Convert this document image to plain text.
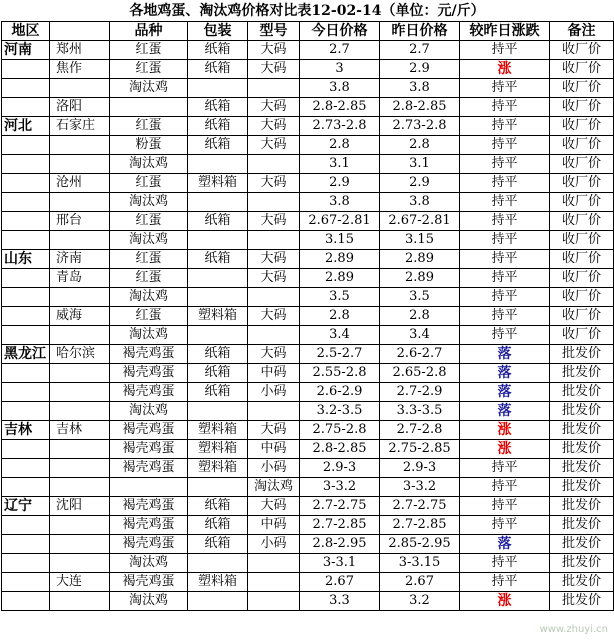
各地鸡蛋、淘汰鸡价格对比表12-02-14（单位：元/斤）
地区		品种	包装	型号	今日价格	昨日价格	较昨日涨跌	备注
河南	郑州	红蛋	纸箱	大码	2.7	2.7	持平	收厂价
	焦作	红蛋	纸箱	大码	3	2.9	涨	收厂价
		淘汰鸡			3.8	3.8	持平	收厂价
	洛阳		纸箱	大码	2.8-2.85	2.8-2.85	持平	收厂价
河北	石家庄	红蛋	纸箱	大码	2.73-2.8	2.73-2.8	持平	收厂价
		粉蛋	纸箱	大码	2.8	2.8	持平	收厂价
		淘汰鸡			3.1	3.1	持平	收厂价
	沧州	红蛋	塑料箱	大码	2.9	2.9	持平	收厂价
		淘汰鸡			3.8	3.8	持平	收厂价
	邢台	红蛋	纸箱	大码	2.67-2.81	2.67-2.81	持平	收厂价
		淘汰鸡			3.15	3.15	持平	收厂价
山东	济南	红蛋	纸箱	大码	2.89	2.89	持平	收厂价
	青岛	红蛋		大码	2.89	2.89	持平	收厂价
		淘汰鸡			3.5	3.5	持平	收厂价
	威海	红蛋	塑料箱	大码	2.8	2.8	持平	收厂价
		淘汰鸡			3.4	3.4	持平	收厂价
黑龙江	哈尔滨	褐壳鸡蛋	纸箱	大码	2.5-2.7	2.6-2.7	落	批发价
		褐壳鸡蛋	纸箱	中码	2.55-2.8	2.65-2.8	落	批发价
		褐壳鸡蛋	纸箱	小码	2.6-2.9	2.7-2.9	落	批发价
		淘汰鸡			3.2-3.5	3.3-3.5	落	批发价
吉林	吉林	褐壳鸡蛋	塑料箱	大码	2.75-2.8	2.7-2.8	涨	批发价
		褐壳鸡蛋	塑料箱	中码	2.8-2.85	2.75-2.85	涨	批发价
		褐壳鸡蛋	塑料箱	小码	2.9-3	2.9-3	持平	批发价
				淘汰鸡	3-3.2	3-3.2	持平	批发价
辽宁	沈阳	褐壳鸡蛋	纸箱	大码	2.7-2.75	2.7-2.75	持平	批发价
		褐壳鸡蛋	纸箱	中码	2.7-2.85	2.7-2.85	持平	批发价
		褐壳鸡蛋	纸箱	小码	2.8-2.95	2.85-2.95	落	批发价
		淘汰鸡			3-3.1	3-3.15	持平	批发价
	大连	褐壳鸡蛋	塑料箱		2.67	2.67	持平	批发价
		淘汰鸡			3.3	3.2	涨	批发价
www.zhuyi.cn
